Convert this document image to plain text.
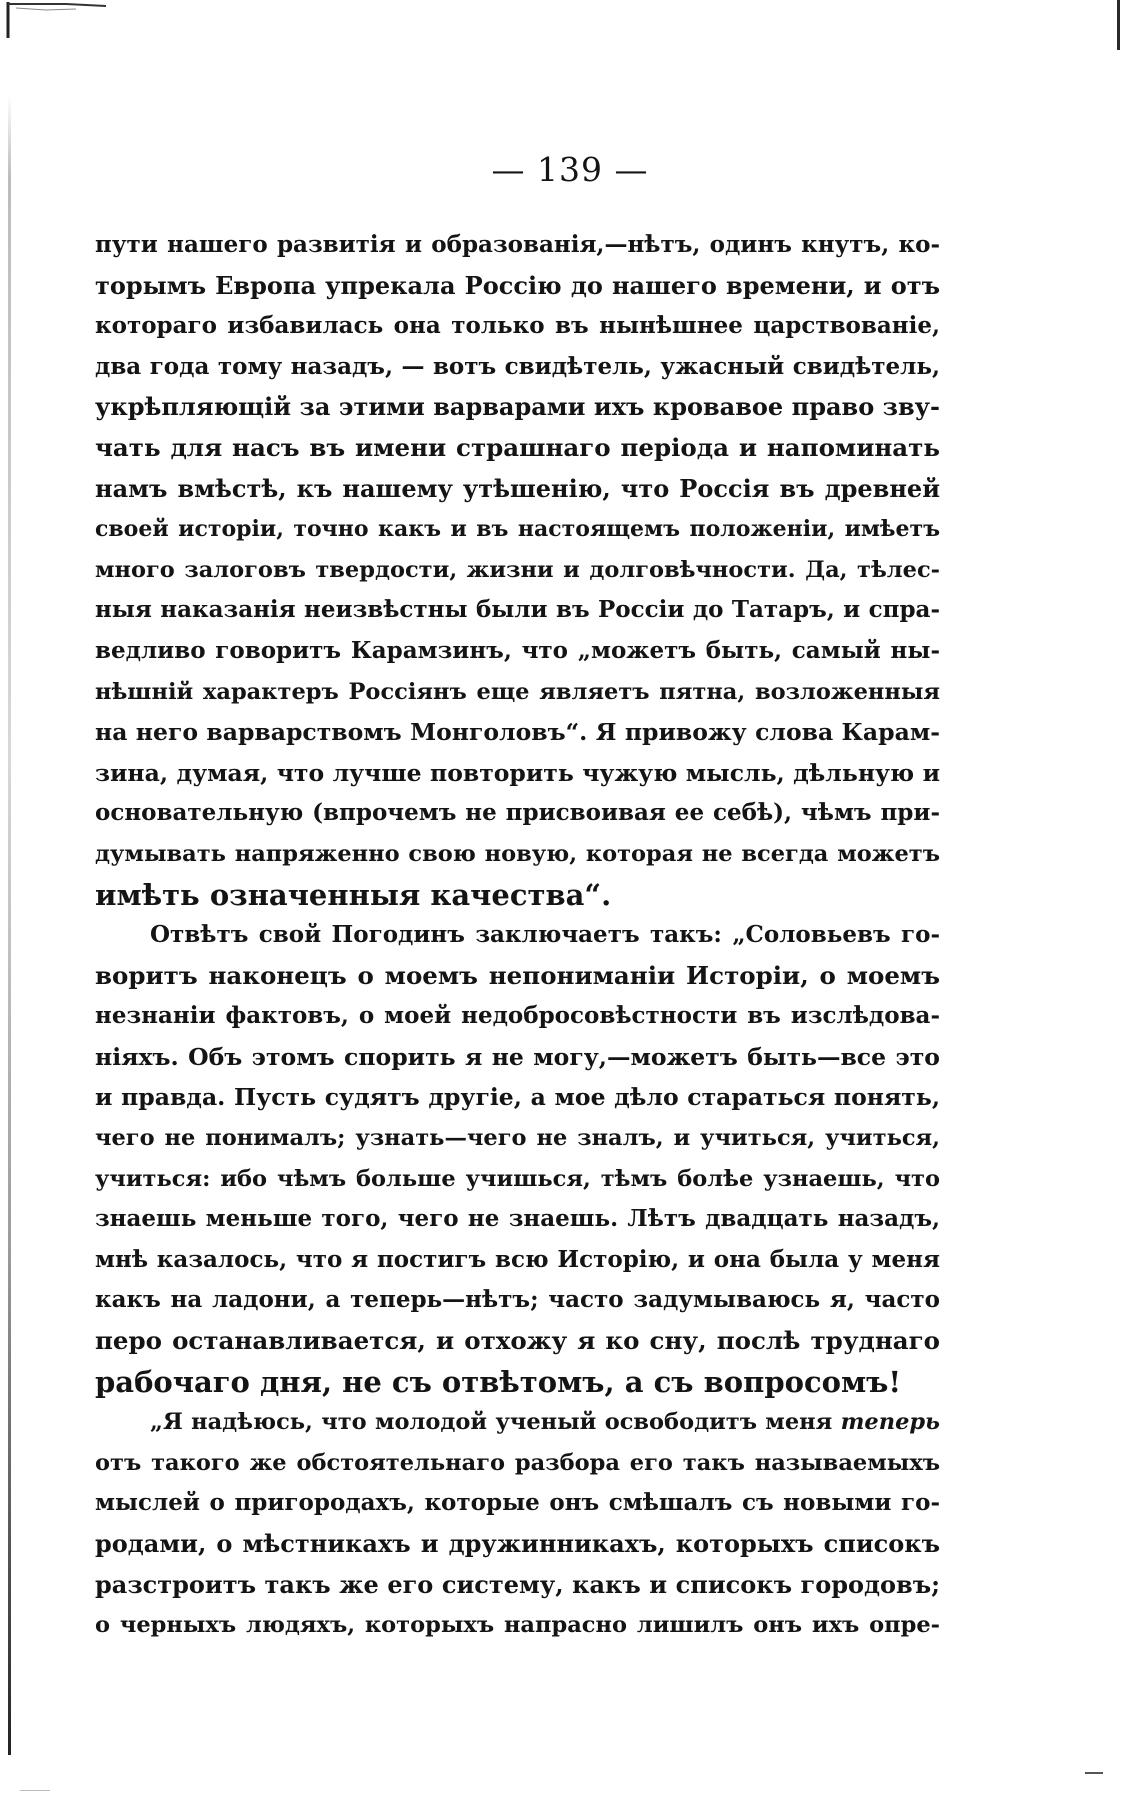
— 139 —
пути нашего развитія и образованія,—нѣтъ, одинъ кнутъ, ко-
торымъ Европа упрекала Россію до нашего времени, и отъ
котораго избавилась она только въ нынѣшнее царствованіе,
два года тому назадъ, — вотъ свидѣтель, ужасный свидѣтель,
укрѣпляющій за этими варварами ихъ кровавое право зву-
чать для насъ въ имени страшнаго періода и напоминать
намъ вмѣстѣ, къ нашему утѣшенію, что Россія въ древней
своей исторіи, точно какъ и въ настоящемъ положеніи, имѣетъ
много залоговъ твердости, жизни и долговѣчности. Да, тѣлес-
ныя наказанія неизвѣстны были въ Россіи до Татаръ, и спра-
ведливо говоритъ Карамзинъ, что „можетъ быть, самый ны-
нѣшній характеръ Россіянъ еще являетъ пятна, возложенныя
на него варварствомъ Монголовъ“. Я привожу слова Карам-
зина, думая, что лучше повторить чужую мысль, дѣльную и
основательную (впрочемъ не присвоивая ее себѣ), чѣмъ при-
думывать напряженно свою новую, которая не всегда можетъ
имѣть означенныя качества“.
Отвѣтъ свой Погодинъ заключаетъ такъ: „Соловьевъ го-
воритъ наконецъ о моемъ непониманіи Исторіи, о моемъ
незнаніи фактовъ, о моей недобросовѣстности въ изслѣдова-
ніяхъ. Объ этомъ спорить я не могу,—можетъ быть—все это
и правда. Пусть судятъ другіе, а мое дѣло стараться понять,
чего не понималъ; узнать—чего не зналъ, и учиться, учиться,
учиться: ибо чѣмъ больше учишься, тѣмъ болѣе узнаешь, что
знаешь меньше того, чего не знаешь. Лѣтъ двадцать назадъ,
мнѣ казалось, что я постигъ всю Исторію, и она была у меня
какъ на ладони, а теперь—нѣтъ; часто задумываюсь я, часто
перо останавливается, и отхожу я ко сну, послѣ труднаго
рабочаго дня, не съ отвѣтомъ, а съ вопросомъ!
„Я надѣюсь, что молодой ученый освободитъ меня теперь
отъ такого же обстоятельнаго разбора его такъ называемыхъ
мыслей о пригородахъ, которые онъ смѣшалъ съ новыми го-
родами, о мѣстникахъ и дружинникахъ, которыхъ списокъ
разстроитъ такъ же его систему, какъ и списокъ городовъ;
о черныхъ людяхъ, которыхъ напрасно лишилъ онъ ихъ опре-
